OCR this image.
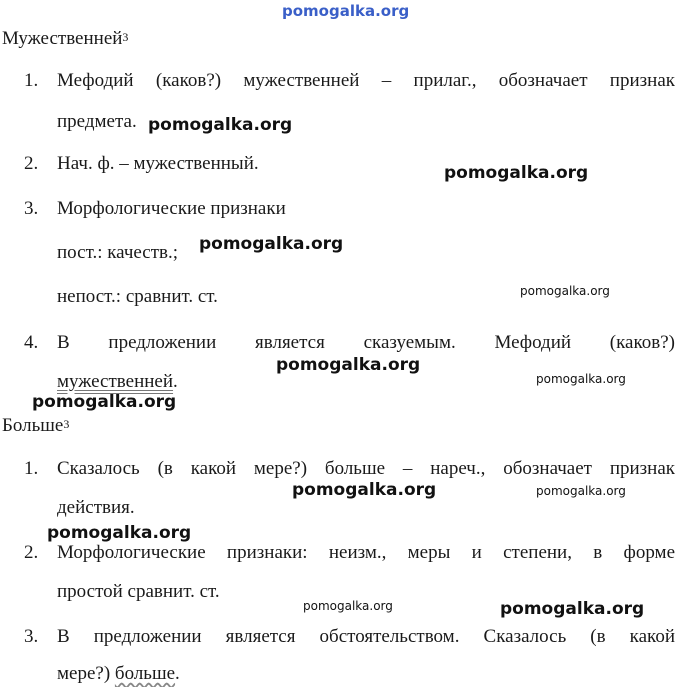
pomogalka.org
Мужественней$^3$
1. Мефодий (каков?) мужественней – прилаг., обозначает признак
предмета.
2. Нач. ф. – мужественный.
3. Морфологические признаки
пост.: качеств.;
непост.: сравнит. ст.
4. В предложении является сказуемым. Мефодий (каков?)
мужественней.
Больше$^3$
1. Сказалось (в какой мере?) больше – нареч., обозначает признак
действия.
2. Морфологические признаки: неизм., меры и степени, в форме
простой сравнит. ст.
3. В предложении является обстоятельством. Сказалось (в какой
мере?) больше.
pomogalka.org
pomogalka.org
pomogalka.org
pomogalka.org
pomogalka.org
pomogalka.org
pomogalka.org
pomogalka.org	pomogalka.org
pomogalka.org
pomogalka.org	pomogalka.org
